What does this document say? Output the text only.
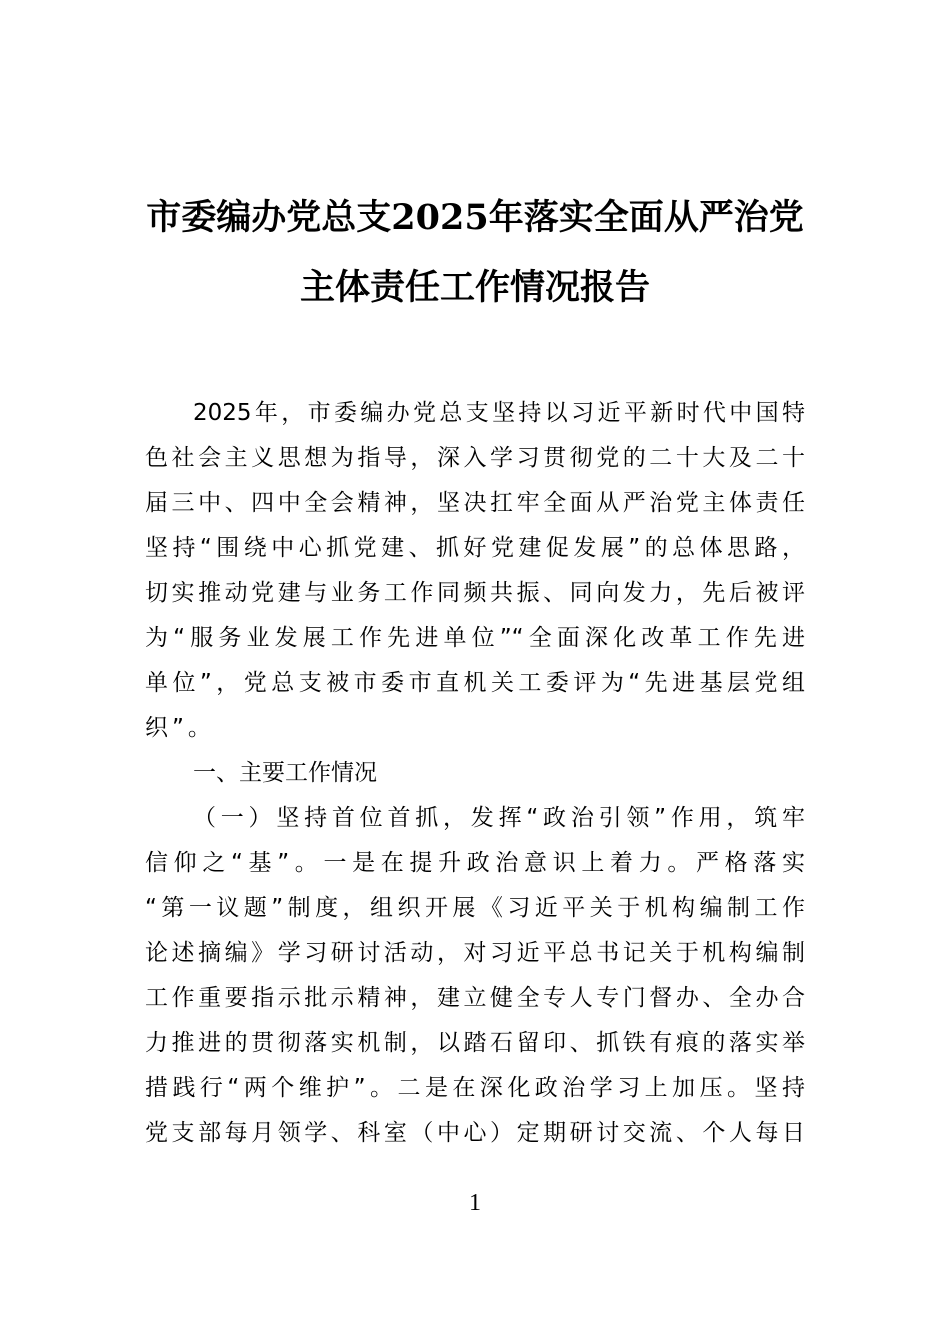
市委编办党总支2025年落实全面从严治党
主体责任工作情况报告
2025年，市委编办党总支坚持以习近平新时代中国特
色社会主义思想为指导，深入学习贯彻党的二十大及二十
届三中、四中全会精神，坚决扛牢全面从严治党主体责任
坚持“围绕中心抓党建、抓好党建促发展”的总体思路，
切实推动党建与业务工作同频共振、同向发力，先后被评
为“服务业发展工作先进单位”“全面深化改革工作先进
单位”，党总支被市委市直机关工委评为“先进基层党组
织”。
一、主要工作情况
（一）坚持首位首抓，发挥“政治引领”作用，筑牢
信仰之“基”。一是在提升政治意识上着力。严格落实
“第一议题”制度，组织开展《习近平关于机构编制工作
论述摘编》学习研讨活动，对习近平总书记关于机构编制
工作重要指示批示精神，建立健全专人专门督办、全办合
力推进的贯彻落实机制，以踏石留印、抓铁有痕的落实举
措践行“两个维护”。二是在深化政治学习上加压。坚持
党支部每月领学、科室（中心）定期研讨交流、个人每日
1
